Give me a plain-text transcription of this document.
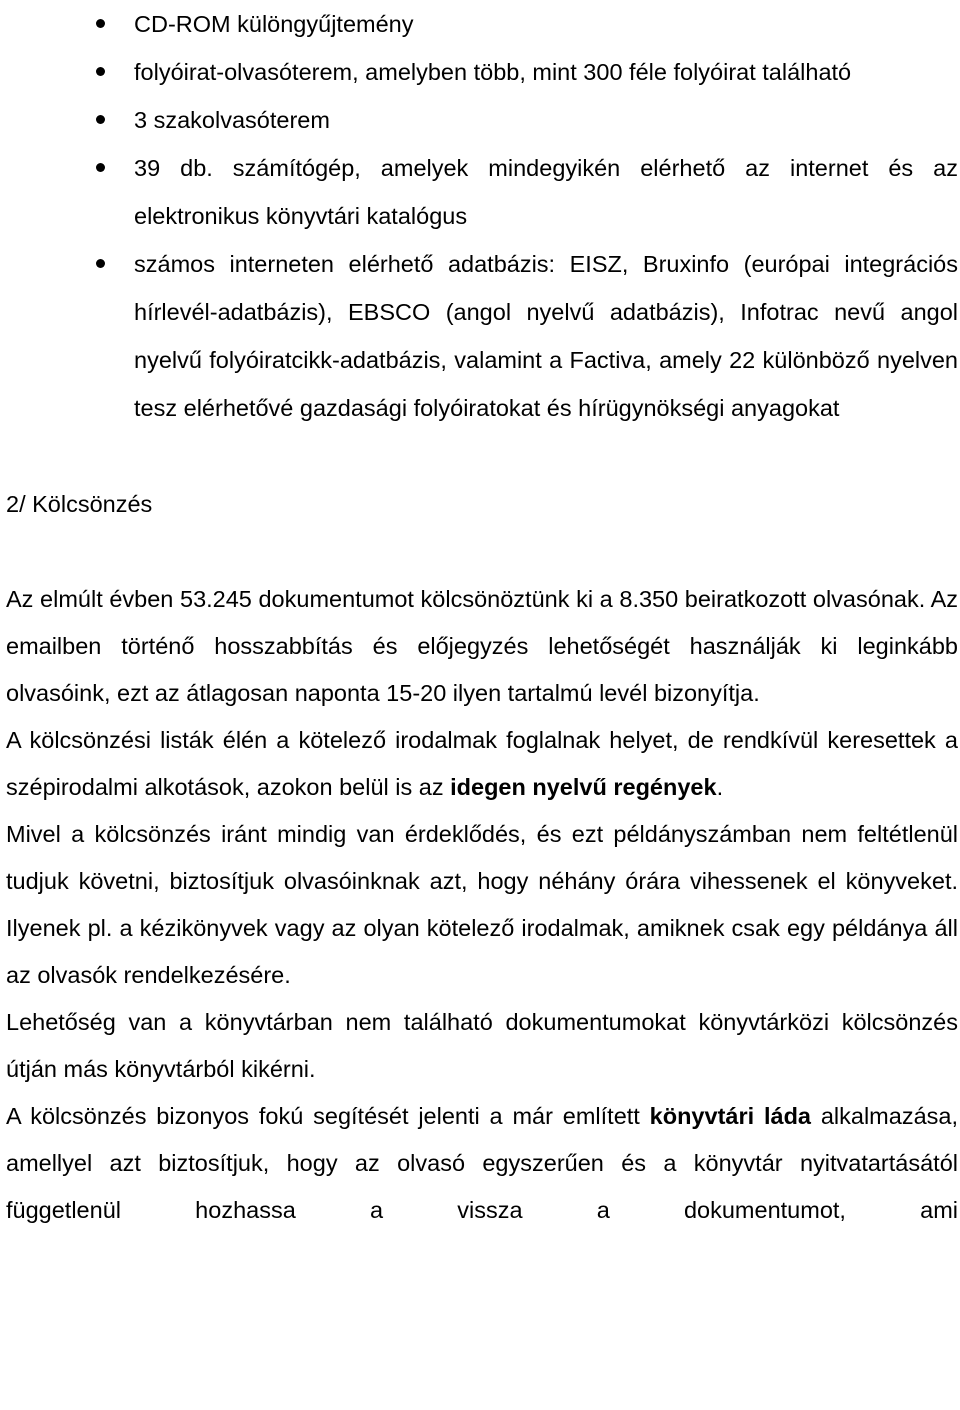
CD-ROM különgyűjtemény
folyóirat-olvasóterem, amelyben több, mint 300 féle folyóirat található
3 szakolvasóterem
39 db. számítógép, amelyek mindegyikén elérhető az internet és az elektronikus könyvtári katalógus
számos interneten elérhető adatbázis: EISZ, Bruxinfo (európai integrációs hírlevél-adatbázis), EBSCO (angol nyelvű adatbázis), Infotrac nevű angol nyelvű folyóiratcikk-adatbázis, valamint a Factiva, amely 22 különböző nyelven tesz elérhetővé gazdasági folyóiratokat és hírügynökségi anyagokat
2/ Kölcsönzés

Az elmúlt évben 53.245 dokumentumot kölcsönöztünk ki a 8.350 beiratkozott olvasónak. Az emailben történő hosszabbítás és előjegyzés lehetőségét használják ki leginkább olvasóink, ezt az átlagosan naponta 15-20 ilyen tartalmú levél bizonyítja.

A kölcsönzési listák élén a kötelező irodalmak foglalnak helyet, de rendkívül keresettek a szépirodalmi alkotások, azokon belül is az idegen nyelvű regények.

Mivel a kölcsönzés iránt mindig van érdeklődés, és ezt példányszámban nem feltétlenül tudjuk követni, biztosítjuk olvasóinknak azt, hogy néhány órára vihessenek el könyveket. Ilyenek pl. a kézikönyvek vagy az olyan kötelező irodalmak, amiknek csak egy példánya áll az olvasók rendelkezésére.

Lehetőség van a könyvtárban nem található dokumentumokat könyvtárközi kölcsönzés útján más könyvtárból kikérni.

A kölcsönzés bizonyos fokú segítését jelenti a már említett könyvtári láda alkalmazása, amellyel azt biztosítjuk, hogy az olvasó egyszerűen és a könyvtár nyitvatartásától függetlenül hozhassa a vissza a dokumentumot, ami
